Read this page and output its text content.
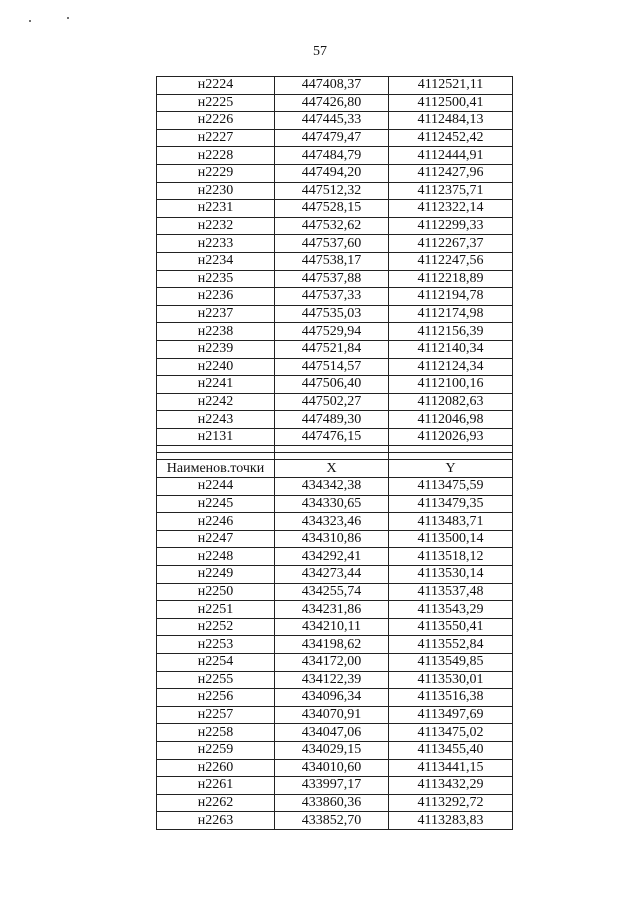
57
н2224	447408,37	4112521,11
н2225	447426,80	4112500,41
н2226	447445,33	4112484,13
н2227	447479,47	4112452,42
н2228	447484,79	4112444,91
н2229	447494,20	4112427,96
н2230	447512,32	4112375,71
н2231	447528,15	4112322,14
н2232	447532,62	4112299,33
н2233	447537,60	4112267,37
н2234	447538,17	4112247,56
н2235	447537,88	4112218,89
н2236	447537,33	4112194,78
н2237	447535,03	4112174,98
н2238	447529,94	4112156,39
н2239	447521,84	4112140,34
н2240	447514,57	4112124,34
н2241	447506,40	4112100,16
н2242	447502,27	4112082,63
н2243	447489,30	4112046,98
н2131	447476,15	4112026,93

Наименов.точки	X	Y
н2244	434342,38	4113475,59
н2245	434330,65	4113479,35
н2246	434323,46	4113483,71
н2247	434310,86	4113500,14
н2248	434292,41	4113518,12
н2249	434273,44	4113530,14
н2250	434255,74	4113537,48
н2251	434231,86	4113543,29
н2252	434210,11	4113550,41
н2253	434198,62	4113552,84
н2254	434172,00	4113549,85
н2255	434122,39	4113530,01
н2256	434096,34	4113516,38
н2257	434070,91	4113497,69
н2258	434047,06	4113475,02
н2259	434029,15	4113455,40
н2260	434010,60	4113441,15
н2261	433997,17	4113432,29
н2262	433860,36	4113292,72
н2263	433852,70	4113283,83
